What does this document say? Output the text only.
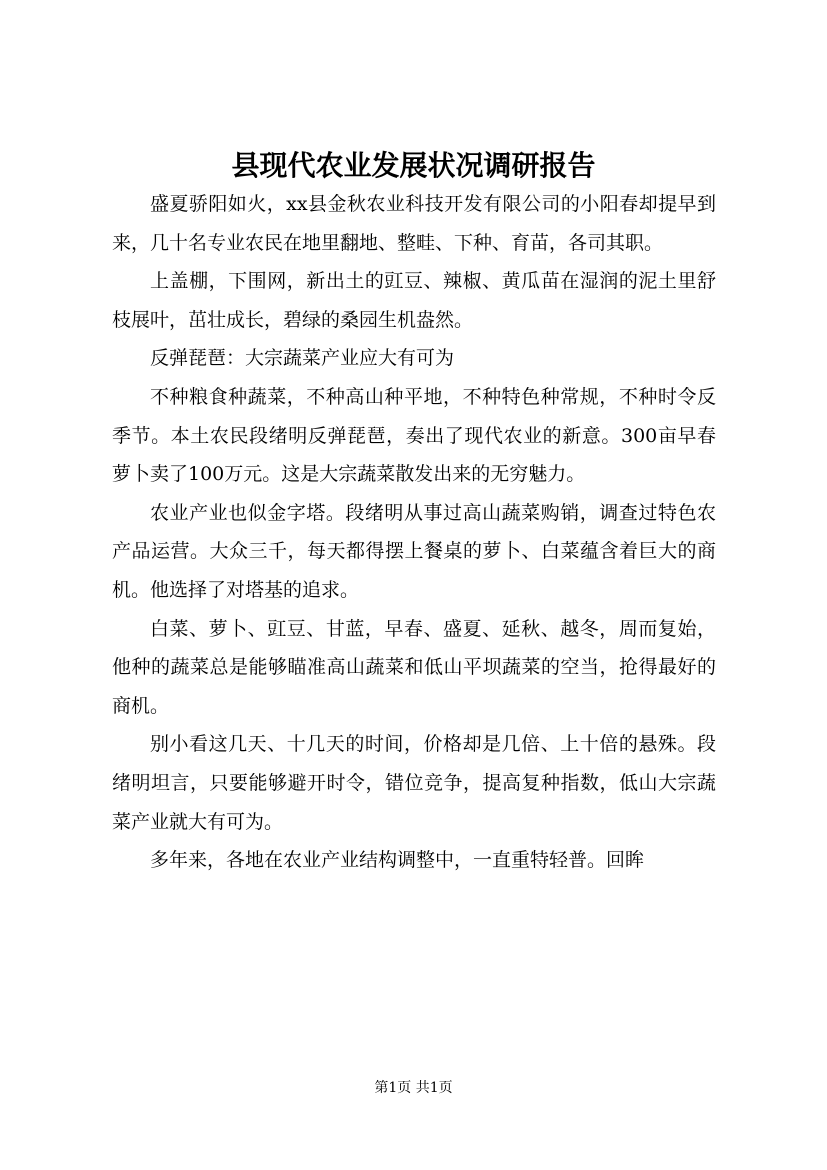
县现代农业发展状况调研报告

盛夏骄阳如火，xx县金秋农业科技开发有限公司的小阳春却提早到来，几十名专业农民在地里翻地、整畦、下种、育苗，各司其职。

上盖棚，下围网，新出土的豇豆、辣椒、黄瓜苗在湿润的泥土里舒枝展叶，茁壮成长，碧绿的桑园生机盎然。

反弹琵琶：大宗蔬菜产业应大有可为

不种粮食种蔬菜，不种高山种平地，不种特色种常规，不种时令反季节。本土农民段绪明反弹琵琶，奏出了现代农业的新意。300亩早春萝卜卖了100万元。这是大宗蔬菜散发出来的无穷魅力。

农业产业也似金字塔。段绪明从事过高山蔬菜购销，调查过特色农产品运营。大众三千，每天都得摆上餐桌的萝卜、白菜蕴含着巨大的商机。他选择了对塔基的追求。

白菜、萝卜、豇豆、甘蓝，早春、盛夏、延秋、越冬，周而复始，他种的蔬菜总是能够瞄准高山蔬菜和低山平坝蔬菜的空当，抢得最好的商机。

别小看这几天、十几天的时间，价格却是几倍、上十倍的悬殊。段绪明坦言，只要能够避开时令，错位竞争，提高复种指数，低山大宗蔬菜产业就大有可为。

多年来，各地在农业产业结构调整中，一直重特轻普。回眸

第1页 共1页
